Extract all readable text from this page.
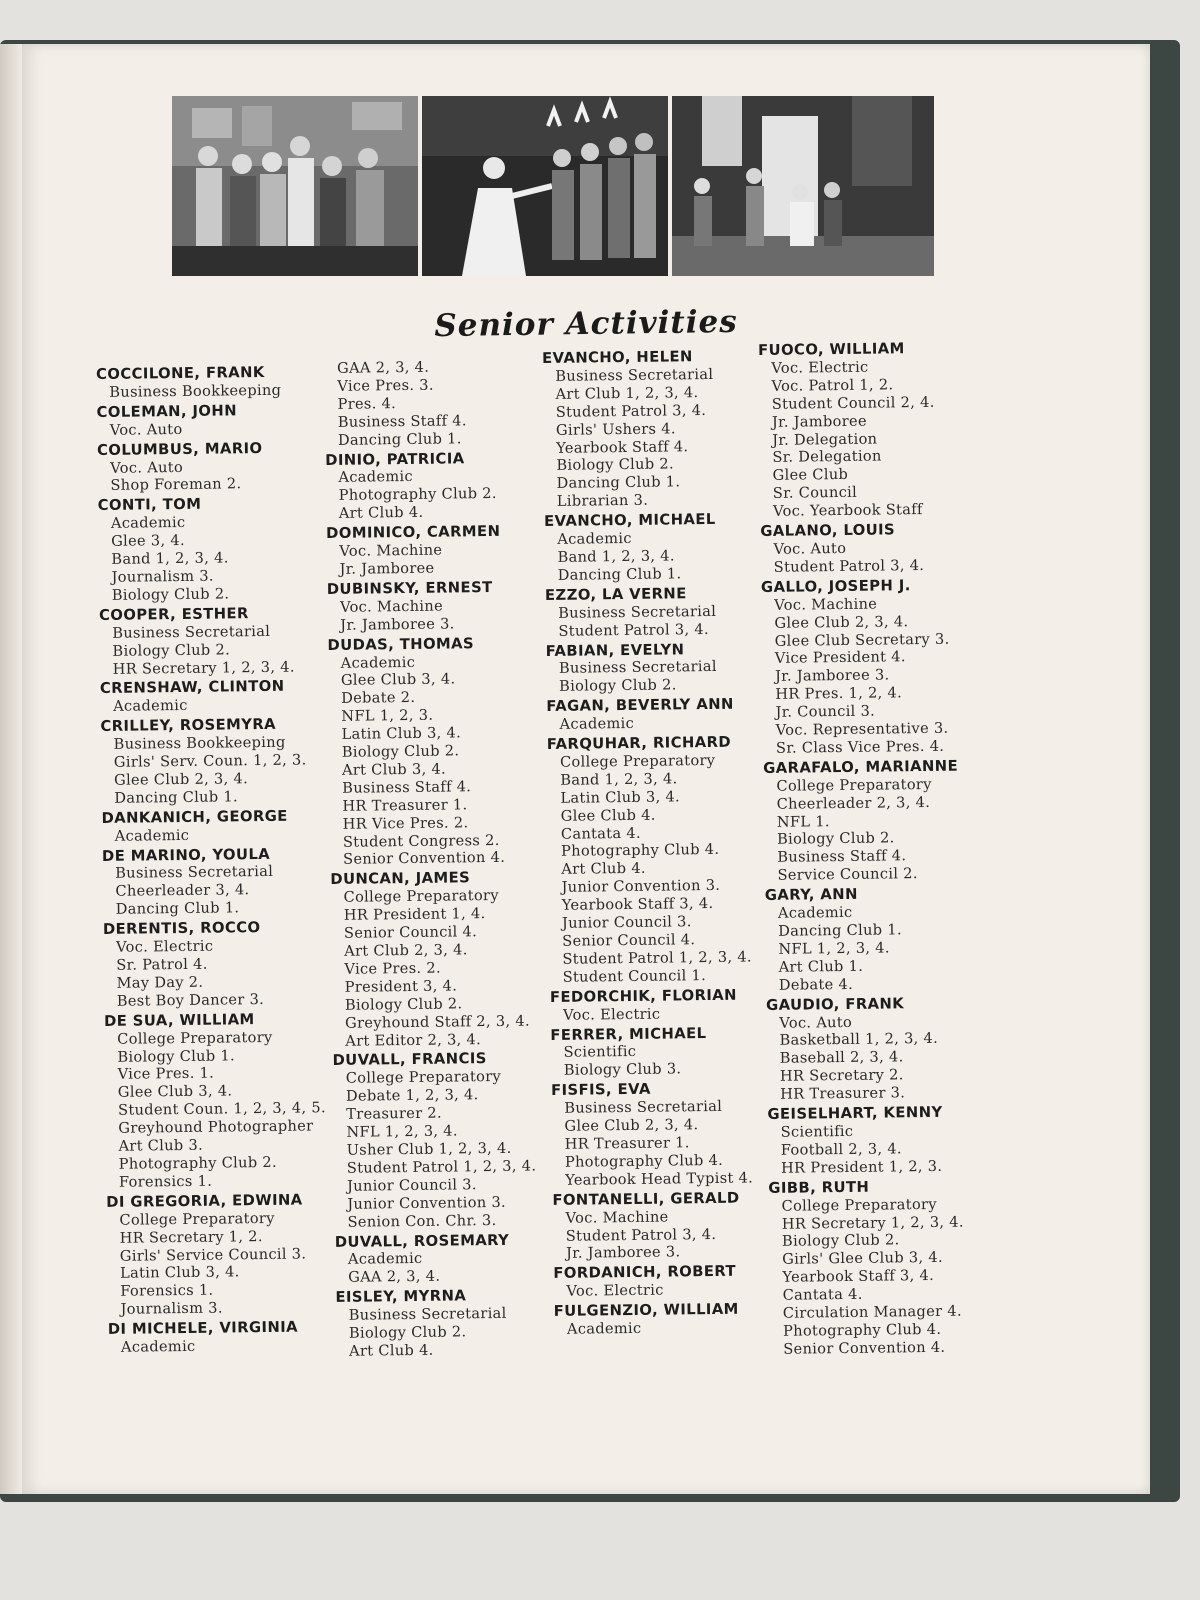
Senior Activities
COCCILONE, FRANK
Business Bookkeeping
COLEMAN, JOHN
Voc. Auto
COLUMBUS, MARIO
Voc. Auto
Shop Foreman 2.
CONTI, TOM
Academic
Glee 3, 4.
Band 1, 2, 3, 4.
Journalism 3.
Biology Club 2.
COOPER, ESTHER
Business Secretarial
Biology Club 2.
HR Secretary 1, 2, 3, 4.
CRENSHAW, CLINTON
Academic
CRILLEY, ROSEMYRA
Business Bookkeeping
Girls' Serv. Coun. 1, 2, 3.
Glee Club 2, 3, 4.
Dancing Club 1.
DANKANICH, GEORGE
Academic
DE MARINO, YOULA
Business Secretarial
Cheerleader 3, 4.
Dancing Club 1.
DERENTIS, ROCCO
Voc. Electric
Sr. Patrol 4.
May Day 2.
Best Boy Dancer 3.
DE SUA, WILLIAM
College Preparatory
Biology Club 1.
Vice Pres. 1.
Glee Club 3, 4.
Student Coun. 1, 2, 3, 4, 5.
Greyhound Photographer
Art Club 3.
Photography Club 2.
Forensics 1.
DI GREGORIA, EDWINA
College Preparatory
HR Secretary 1, 2.
Girls' Service Council 3.
Latin Club 3, 4.
Forensics 1.
Journalism 3.
DI MICHELE, VIRGINIA
Academic
GAA 2, 3, 4.
Vice Pres. 3.
Pres. 4.
Business Staff 4.
Dancing Club 1.
DINIO, PATRICIA
Academic
Photography Club 2.
Art Club 4.
DOMINICO, CARMEN
Voc. Machine
Jr. Jamboree
DUBINSKY, ERNEST
Voc. Machine
Jr. Jamboree 3.
DUDAS, THOMAS
Academic
Glee Club 3, 4.
Debate 2.
NFL 1, 2, 3.
Latin Club 3, 4.
Biology Club 2.
Art Club 3, 4.
Business Staff 4.
HR Treasurer 1.
HR Vice Pres. 2.
Student Congress 2.
Senior Convention 4.
DUNCAN, JAMES
College Preparatory
HR President 1, 4.
Senior Council 4.
Art Club 2, 3, 4.
Vice Pres. 2.
President 3, 4.
Biology Club 2.
Greyhound Staff 2, 3, 4.
Art Editor 2, 3, 4.
DUVALL, FRANCIS
College Preparatory
Debate 1, 2, 3, 4.
Treasurer 2.
NFL 1, 2, 3, 4.
Usher Club 1, 2, 3, 4.
Student Patrol 1, 2, 3, 4.
Junior Council 3.
Junior Convention 3.
Senion Con. Chr. 3.
DUVALL, ROSEMARY
Academic
GAA 2, 3, 4.
EISLEY, MYRNA
Business Secretarial
Biology Club 2.
Art Club 4.
EVANCHO, HELEN
Business Secretarial
Art Club 1, 2, 3, 4.
Student Patrol 3, 4.
Girls' Ushers 4.
Yearbook Staff 4.
Biology Club 2.
Dancing Club 1.
Librarian 3.
EVANCHO, MICHAEL
Academic
Band 1, 2, 3, 4.
Dancing Club 1.
EZZO, LA VERNE
Business Secretarial
Student Patrol 3, 4.
FABIAN, EVELYN
Business Secretarial
Biology Club 2.
FAGAN, BEVERLY ANN
Academic
FARQUHAR, RICHARD
College Preparatory
Band 1, 2, 3, 4.
Latin Club 3, 4.
Glee Club 4.
Cantata 4.
Photography Club 4.
Art Club 4.
Junior Convention 3.
Yearbook Staff 3, 4.
Junior Council 3.
Senior Council 4.
Student Patrol 1, 2, 3, 4.
Student Council 1.
FEDORCHIK, FLORIAN
Voc. Electric
FERRER, MICHAEL
Scientific
Biology Club 3.
FISFIS, EVA
Business Secretarial
Glee Club 2, 3, 4.
HR Treasurer 1.
Photography Club 4.
Yearbook Head Typist 4.
FONTANELLI, GERALD
Voc. Machine
Student Patrol 3, 4.
Jr. Jamboree 3.
FORDANICH, ROBERT
Voc. Electric
FULGENZIO, WILLIAM
Academic
FUOCO, WILLIAM
Voc. Electric
Voc. Patrol 1, 2.
Student Council 2, 4.
Jr. Jamboree
Jr. Delegation
Sr. Delegation
Glee Club
Sr. Council
Voc. Yearbook Staff
GALANO, LOUIS
Voc. Auto
Student Patrol 3, 4.
GALLO, JOSEPH J.
Voc. Machine
Glee Club 2, 3, 4.
Glee Club Secretary 3.
Vice President 4.
Jr. Jamboree 3.
HR Pres. 1, 2, 4.
Jr. Council 3.
Voc. Representative 3.
Sr. Class Vice Pres. 4.
GARAFALO, MARIANNE
College Preparatory
Cheerleader 2, 3, 4.
NFL 1.
Biology Club 2.
Business Staff 4.
Service Council 2.
GARY, ANN
Academic
Dancing Club 1.
NFL 1, 2, 3, 4.
Art Club 1.
Debate 4.
GAUDIO, FRANK
Voc. Auto
Basketball 1, 2, 3, 4.
Baseball 2, 3, 4.
HR Secretary 2.
HR Treasurer 3.
GEISELHART, KENNY
Scientific
Football 2, 3, 4.
HR President 1, 2, 3.
GIBB, RUTH
College Preparatory
HR Secretary 1, 2, 3, 4.
Biology Club 2.
Girls' Glee Club 3, 4.
Yearbook Staff 3, 4.
Cantata 4.
Circulation Manager 4.
Photography Club 4.
Senior Convention 4.
